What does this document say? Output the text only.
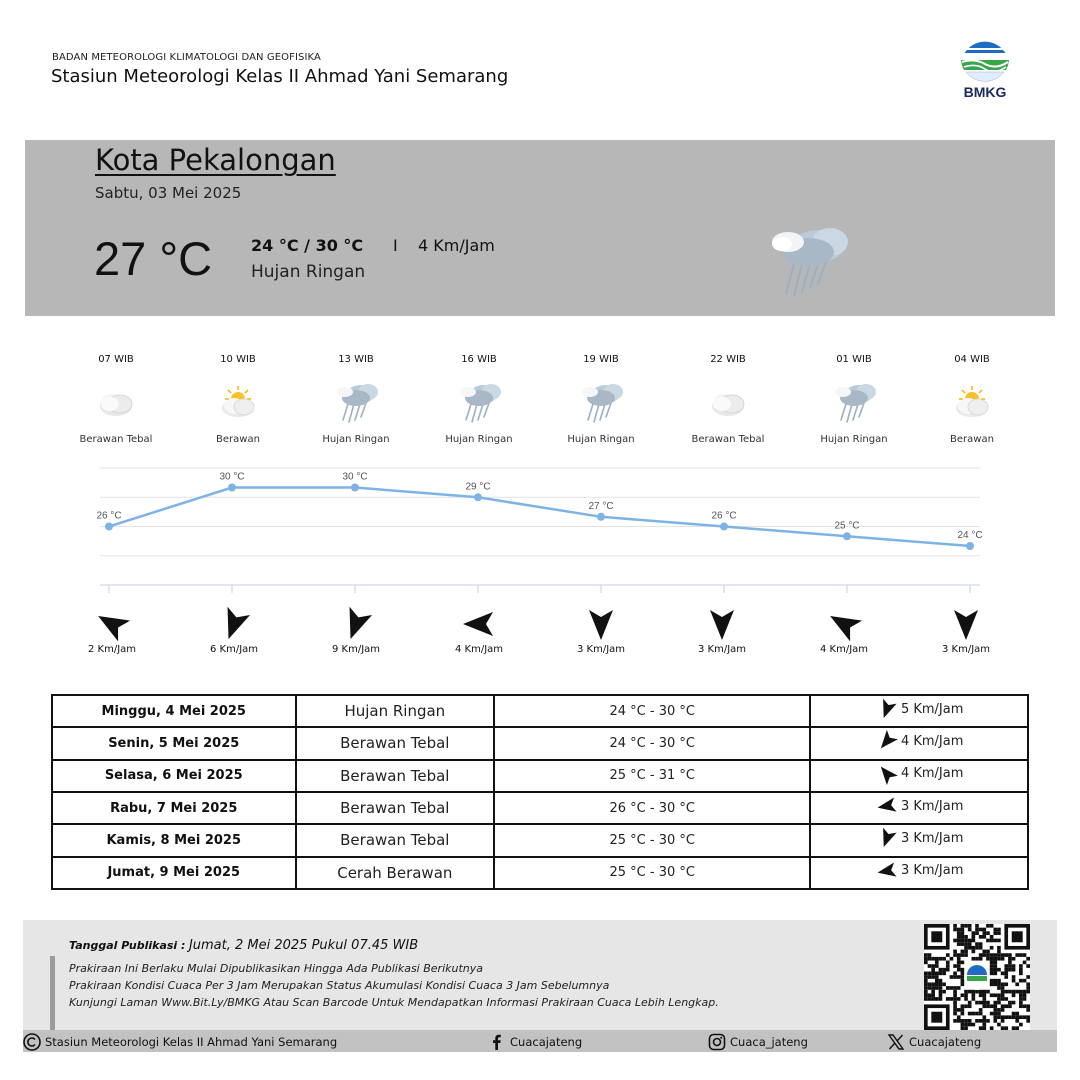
BADAN METEOROLOGI KLIMATOLOGI DAN GEOFISIKA
Stasiun Meteorologi Kelas II Ahmad Yani Semarang
BMKG
Kota Pekalongan
Sabtu, 03 Mei 2025
27 °C 24 °C / 30 °C I 4 Km/Jam
Hujan Ringan
07 WIB
Berawan Tebal
10 WIB
Berawan
13 WIB
Hujan Ringan
16 WIB
Hujan Ringan
19 WIB
Hujan Ringan
22 WIB
Berawan Tebal
01 WIB
Hujan Ringan
04 WIB
Berawan
26 °C
30 °C	30 °C
29 °C
27 °C
26 °C
25 °C
24 °C
2 Km/Jam	6 Km/Jam	9 Km/Jam	4 Km/Jam	3 Km/Jam	3 Km/Jam	4 Km/Jam	3 Km/Jam
Minggu, 4 Mei 2025	Hujan Ringan	24 °C - 30 °C	5 Km/Jam

Senin, 5 Mei 2025	Berawan Tebal	24 °C - 30 °C	4 Km/Jam

Selasa, 6 Mei 2025	Berawan Tebal	25 °C - 31 °C	4 Km/Jam

Rabu, 7 Mei 2025	Berawan Tebal	26 °C - 30 °C	3 Km/Jam

Kamis, 8 Mei 2025	Berawan Tebal	25 °C - 30 °C	3 Km/Jam

Jumat, 9 Mei 2025	Cerah Berawan	25 °C - 30 °C	3 Km/Jam
Tanggal Publikasi : Jumat, 2 Mei 2025 Pukul 07.45 WIB
Prakiraan Ini Berlaku Mulai Dipublikasikan Hingga Ada Publikasi Berikutnya
Prakiraan Kondisi Cuaca Per 3 Jam Merupakan Status Akumulasi Kondisi Cuaca 3 Jam Sebelumnya
Kunjungi Laman Www.Bit.Ly/BMKG Atau Scan Barcode Untuk Mendapatkan Informasi Prakiraan Cuaca Lebih Lengkap.
Stasiun Meteorologi Kelas II Ahmad Yani Semarang	Cuacajateng	Cuaca_jateng	Cuacajateng
